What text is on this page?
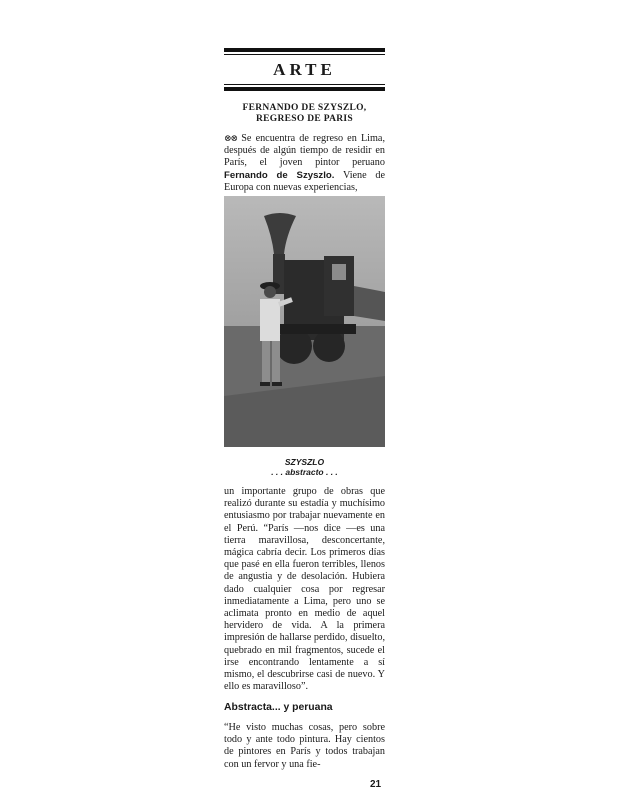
ARTE
FERNANDO DE SZYSZLO,
REGRESO DE PARIS

⊗⊗ Se encuentra de regreso en Lima, después de algún tiempo de residir en París, el joven pintor peruano Fernando de Szyszlo. Viene de Europa con nuevas experiencias,

SZYSZLO
. . . abstracto . . .

un importante grupo de obras que realizó durante su estadía y muchísimo entusiasmo por trabajar nuevamente en el Perú. “París —nos dice —es una tierra maravillosa, desconcertante, mágica cabría decir. Los primeros días que pasé en ella fueron terribles, llenos de angustia y de desolación. Hubiera dado cualquier cosa por regresar inmediatamente a Lima, pero uno se aclimata pronto en medio de aquel hervidero de vida. A la primera impresión de hallarse perdido, disuelto, quebrado en mil fragmentos, sucede el irse encontrando lentamente a sí mismo, el descubrirse casi de nuevo. Y ello es maravilloso”.

Abstracta... y peruana

“He visto muchas cosas, pero sobre todo y ante todo pintura. Hay cientos de pintores en París y todos trabajan con un fervor y una fie-

21
